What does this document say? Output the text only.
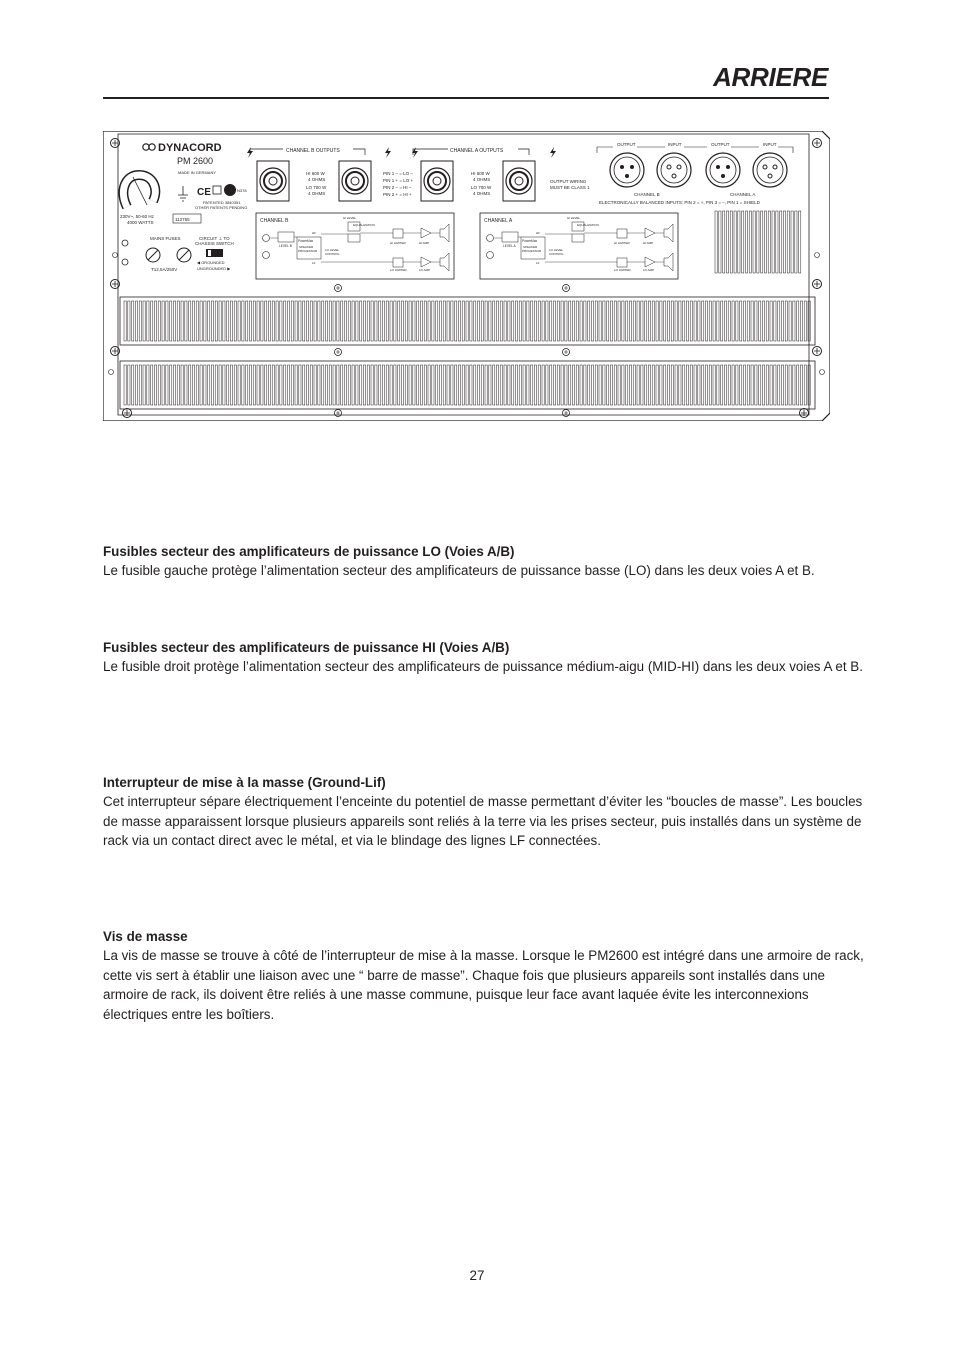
ARRIERE
DYNACORD
PM 2600
MADE IN GERMANY
CE	N378
PATENTED 3840351
OTHER PATENTS PENDING
230V~, 50-60 Hz
4000 WATTS
112755
MAINS FUSES
T12,5A/250V
CIRCUIT ⊥ TO
CHASSIS SWITCH
◀ GROUNDED
UNGROUNDED ▶
CHANNEL B OUTPUTS	CHANNEL A OUTPUTS
HI 600 W
4 OHMS
LO 700 W
4 OHMS
PIN 1 – = LO –
PIN 1 + = LO +
PIN 2 – = HI –
PIN 2 + = HI +
HI 600 W
4 OHMS
LO 700 W
4 OHMS
OUTPUT WIRING
MUST BE CLASS 1
OUTPUT	INPUT	OUTPUT	INPUT
CHANNEL B	CHANNEL A
ELECTRONICALLY BALANCED INPUTS: PIN 2 = +, PIN 3 = –, PIN 1 = SHIELD
CHANNEL B
LEVEL B
PowerMax
SPEAKER
PROCESSOR
HF
LF
HI LEVEL
EQUALIZATION
LO LEVEL
CONTROL
HI LIMITER
LO LIMITER
HI AMP
LO AMP
CHANNEL A
LEVEL A
PowerMax
SPEAKER
PROCESSOR
HF
LF
HI LEVEL
EQUALIZATION
LO LEVEL
CONTROL
HI LIMITER
LO LIMITER
HI AMP
LO AMP
Fusibles secteur des amplificateurs de puissance LO (Voies A/B)

Le fusible gauche protège l’alimentation secteur des amplificateurs de puissance basse (LO) dans les deux voies A et B.

Fusibles secteur des amplificateurs de puissance HI (Voies A/B)

Le fusible droit protège l’alimentation secteur des amplificateurs de puissance médium-aigu (MID-HI) dans les deux voies A et B.

Interrupteur de mise à la masse (Ground-Lif)

Cet interrupteur sépare électriquement l’enceinte du potentiel de masse permettant d’éviter les “boucles de masse”. Les boucles de masse apparaissent lorsque plusieurs appareils sont reliés à la terre via les prises secteur, puis installés dans un système de rack via un contact direct avec le métal, et via le blindage des lignes LF connectées.

Vis de masse

La vis de masse se trouve à côté de l’interrupteur de mise à la masse. Lorsque le PM2600 est intégré dans une armoire de rack, cette vis sert à établir une liaison avec une “ barre de masse”. Chaque fois que plusieurs appareils sont installés dans une armoire de rack, ils doivent être reliés à une masse commune, puisque leur face avant laquée évite les interconnexions électriques entre les boîtiers.

27
